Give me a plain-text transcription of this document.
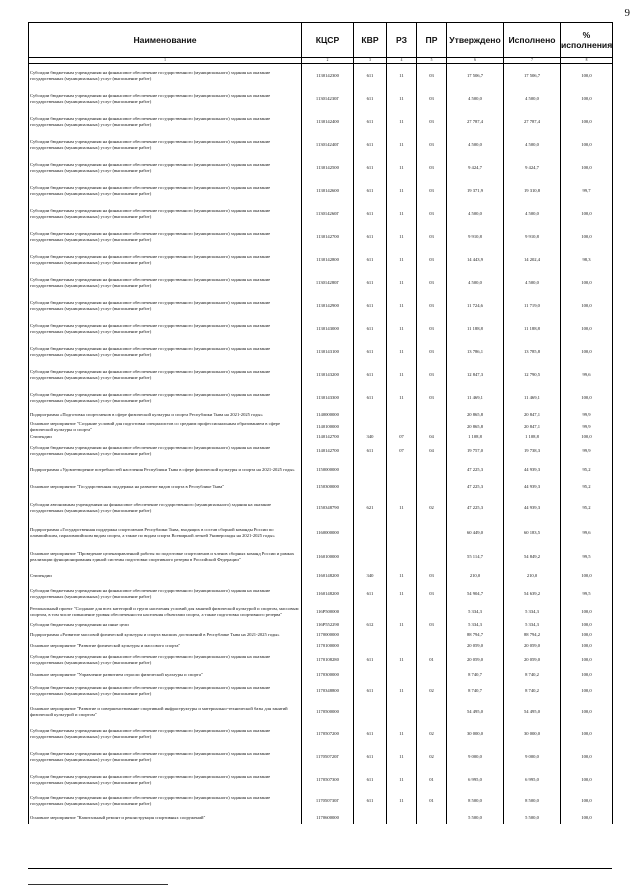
9
Наименование	КЦСР	КВР	РЗ	ПР	Утверждено	Исполнено	% исполнения
1	2	3	4	5	6	7	8
Субсидии бюджетным учреждениям на финансовое обеспечение государственного (муниципального) задания на оказание государственных (муниципальных) услуг (выполнение работ)	1130142300	611	11	03	17 506,7	17 506,7	100,0
Субсидии бюджетным учреждениям на финансовое обеспечение государственного (муниципального) задания на оказание государственных (муниципальных) услуг (выполнение работ)	113014230Г	611	11	03	4 500,0	4 500,0	100,0
Субсидии бюджетным учреждениям на финансовое обеспечение государственного (муниципального) задания на оказание государственных (муниципальных) услуг (выполнение работ)	1130142400	611	11	03	27 787,4	27 787,4	100,0
Субсидии бюджетным учреждениям на финансовое обеспечение государственного (муниципального) задания на оказание государственных (муниципальных) услуг (выполнение работ)	113014240Г	611	11	03	4 500,0	4 500,0	100,0
Субсидии бюджетным учреждениям на финансовое обеспечение государственного (муниципального) задания на оказание государственных (муниципальных) услуг (выполнение работ)	1130142500	611	11	03	9 424,7	9 424,7	100,0
Субсидии бюджетным учреждениям на финансовое обеспечение государственного (муниципального) задания на оказание государственных (муниципальных) услуг (выполнение работ)	1130142600	611	11	03	19 371,9	19 310,8	99,7
Субсидии бюджетным учреждениям на финансовое обеспечение государственного (муниципального) задания на оказание государственных (муниципальных) услуг (выполнение работ)	113014260Г	611	11	03	4 500,0	4 500,0	100,0
Субсидии бюджетным учреждениям на финансовое обеспечение государственного (муниципального) задания на оказание государственных (муниципальных) услуг (выполнение работ)	1130142700	611	11	03	9 910,8	9 910,8	100,0
Субсидии бюджетным учреждениям на финансовое обеспечение государственного (муниципального) задания на оказание государственных (муниципальных) услуг (выполнение работ)	1130142800	611	11	03	14 443,9	14 202,4	98,3
Субсидии бюджетным учреждениям на финансовое обеспечение государственного (муниципального) задания на оказание государственных (муниципальных) услуг (выполнение работ)	113014280Г	611	11	03	4 500,0	4 500,0	100,0
Субсидии бюджетным учреждениям на финансовое обеспечение государственного (муниципального) задания на оказание государственных (муниципальных) услуг (выполнение работ)	1130142900	611	11	03	11 724,6	11 719,0	100,0
Субсидии бюджетным учреждениям на финансовое обеспечение государственного (муниципального) задания на оказание государственных (муниципальных) услуг (выполнение работ)	1130143000	611	11	03	11 188,8	11 188,8	100,0
Субсидии бюджетным учреждениям на финансовое обеспечение государственного (муниципального) задания на оказание государственных (муниципальных) услуг (выполнение работ)	1130143100	611	11	03	13 786,1	13 785,8	100,0
Субсидии бюджетным учреждениям на финансовое обеспечение государственного (муниципального) задания на оказание государственных (муниципальных) услуг (выполнение работ)	1130143200	611	11	03	12 847,3	12 790,5	99,6
Субсидии бюджетным учреждениям на финансовое обеспечение государственного (муниципального) задания на оказание государственных (муниципальных) услуг (выполнение работ)	1130143300	611	11	03	11 469,1	11 469,1	100,0
Подпрограмма «Подготовка спортсменов в сфере физической культуры и спорта Республики Тыва на 2021-2025 годы»	1140000000				20 865,8	20 847,1	99,9
Основное мероприятие "Создание условий для подготовки специалистов со средним профессиональным образованием в сфере физической культуры и спорта"	1140100000				20 865,8	20 847,1	99,9
Стипендии	1140142700	340	07	04	1 108,8	1 108,8	100,0
Субсидии бюджетным учреждениям на финансовое обеспечение государственного (муниципального) задания на оказание государственных (муниципальных) услуг (выполнение работ)	1140142700	611	07	04	19 757,0	19 738,3	99,9
Подпрограмма «Удовлетворение потребностей населения Республики Тыва в сфере физической культуры и спорта на 2021-2025 годы»	1150000000				47 225,3	44 939,3	95,2
Основное мероприятие "Государственная поддержка на развитие видов спорта в Республике Тыва"	1150300000				47 225,3	44 939,3	95,2
Субсидии автономным учреждениям на финансовое обеспечение государственного (муниципального) задания на оказание государственных (муниципальных) услуг (выполнение работ)	1150348790	621	11	02	47 225,3	44 939,3	95,2
Подпрограмма «Государственная поддержка спортсменов Республики Тыва, входящих в состав сборной команды России по олимпийским, паралимпийским видам спорта, а также по видам спорта Всемирной летней Универсиады на 2021-2025 годы»	1160000000				60 449,0	60 183,5	99,6
Основное мероприятие "Проведение целенаправленной работы по подготовке спортсменов и членов сборных команд России и рамках реализации функционирования единой системы подготовки спортивного резерва в Российской Федерации"	1160100000				55 114,7	54 849,2	99,5
Стипендии	1160148200	340	11	03	210,0	210,0	100,0
Субсидии бюджетным учреждениям на финансовое обеспечение государственного (муниципального) задания на оказание государственных (муниципальных) услуг (выполнение работ)	1160148200	611	11	03	54 904,7	54 639,2	99,5
Региональный проект "Создание для всех категорий и групп населения условий для занятий физической культурой и спортом, массовым спортом, в том числе повышение уровня обеспеченности населения объектами спорта, а также подготовка спортивного резерва"	116P500000				5 334,3	5 334,3	100,0
Субсидии бюджетным учреждениям на иные цели	116P552290	612	11	03	5 334,3	5 334,3	100,0
Подпрограмма «Развитие массовой физической культуры и спорта высших достижений в Республике Тыва на 2021-2025 годы»	1170000000				88 794,7	88 794,2	100,0
Основное мероприятие "Развитие физической культуры и массового спорта"	1170100000				20 059,0	20 059,0	100,0
Субсидии бюджетным учреждениям на финансовое обеспечение государственного (муниципального) задания на оказание государственных (муниципальных) услуг (выполнение работ)	1170108280	611	11	01	20 059,0	20 059,0	100,0
Основное мероприятие "Управление развитием отрасли физической культуры и спорта"	1170300000				8 740,7	8 740,2	100,0
Субсидии бюджетным учреждениям на финансовое обеспечение государственного (муниципального) задания на оказание государственных (муниципальных) услуг (выполнение работ)	1170348800	611	11	02	8 740,7	8 740,2	100,0
Основное мероприятие "Развитие и совершенствование спортивной инфраструктуры и материально-технической базы для занятий физической культурой и спортом"	1170500000				54 495,0	54 495,0	100,0
Субсидии бюджетным учреждениям на финансовое обеспечение государственного (муниципального) задания на оказание государственных (муниципальных) услуг (выполнение работ)	1170507200	611	11	02	30 000,0	30 000,0	100,0
Субсидии бюджетным учреждениям на финансовое обеспечение государственного (муниципального) задания на оказание государственных (муниципальных) услуг (выполнение работ)	117050720Г	611	11	02	9 000,0	9 000,0	100,0
Субсидии бюджетным учреждениям на финансовое обеспечение государственного (муниципального) задания на оказание государственных (муниципальных) услуг (выполнение работ)	1170507300	611	11	01	6 995,0	6 995,0	100,0
Субсидии бюджетным учреждениям на финансовое обеспечение государственного (муниципального) задания на оказание государственных (муниципальных) услуг (выполнение работ)	117050730Г	611	11	01	8 500,0	8 500,0	100,0
Основное мероприятие "Капитальный ремонт и реконструкция спортивных сооружений"	1170600000				5 500,0	5 500,0	100,0
